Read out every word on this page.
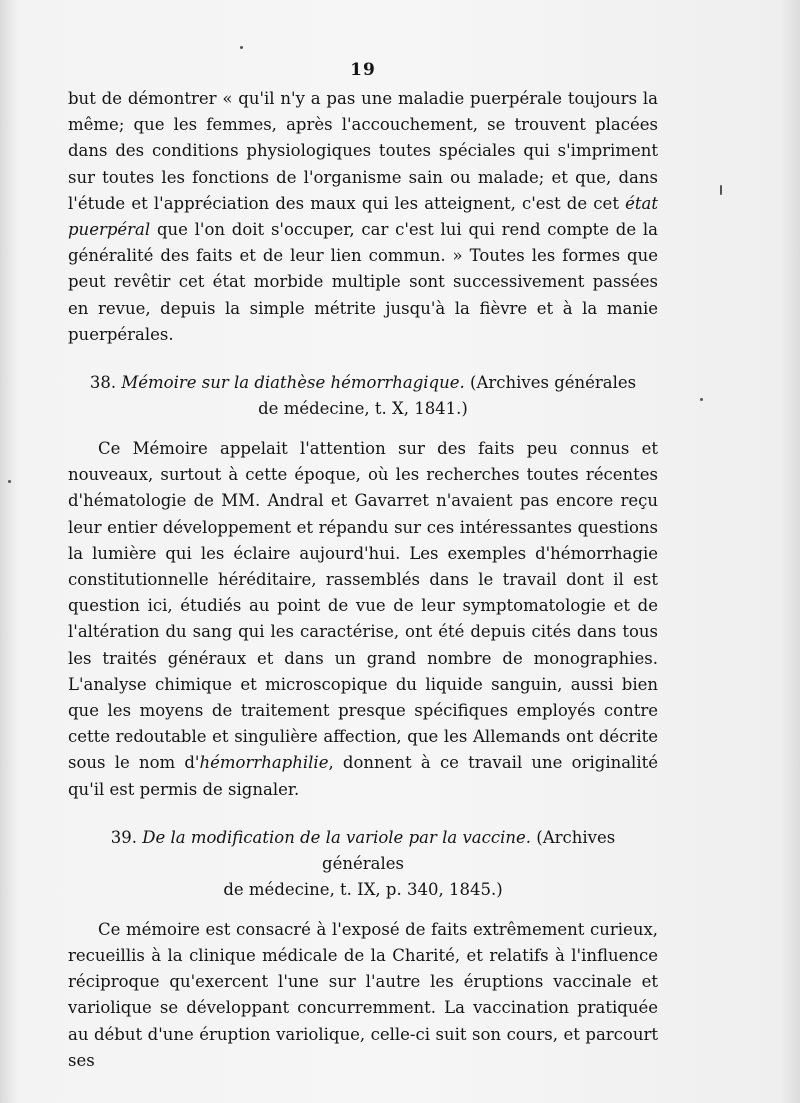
19

but de démontrer « qu'il n'y a pas une maladie puerpérale toujours la même; que les femmes, après l'accouchement, se trouvent placées dans des conditions physiologiques toutes spéciales qui s'impriment sur toutes les fonctions de l'organisme sain ou malade; et que, dans l'étude et l'appréciation des maux qui les atteignent, c'est de cet état puerpéral que l'on doit s'occuper, car c'est lui qui rend compte de la généralité des faits et de leur lien commun. » Toutes les formes que peut revêtir cet état morbide multiple sont successivement passées en revue, depuis la simple métrite jusqu'à la fièvre et à la manie puerpérales.

38. Mémoire sur la diathèse hémorrhagique. (Archives générales
de médecine, t. X, 1841.)

Ce Mémoire appelait l'attention sur des faits peu connus et nouveaux, surtout à cette époque, où les recherches toutes récentes d'hématologie de MM. Andral et Gavarret n'avaient pas encore reçu leur entier développement et répandu sur ces intéressantes questions la lumière qui les éclaire aujourd'hui. Les exemples d'hémorrhagie constitutionnelle héréditaire, rassemblés dans le travail dont il est question ici, étudiés au point de vue de leur symptomatologie et de l'altération du sang qui les caractérise, ont été depuis cités dans tous les traités généraux et dans un grand nombre de monographies. L'analyse chimique et microscopique du liquide sanguin, aussi bien que les moyens de traitement presque spécifiques employés contre cette redoutable et singulière affection, que les Allemands ont décrite sous le nom d'hémorrhaphilie, donnent à ce travail une originalité qu'il est permis de signaler.

39. De la modification de la variole par la vaccine. (Archives générales
de médecine, t. IX, p. 340, 1845.)

Ce mémoire est consacré à l'exposé de faits extrêmement curieux, recueillis à la clinique médicale de la Charité, et relatifs à l'influence réciproque qu'exercent l'une sur l'autre les éruptions vaccinale et variolique se développant concurremment. La vaccination pratiquée au début d'une éruption variolique, celle-ci suit son cours, et parcourt ses
